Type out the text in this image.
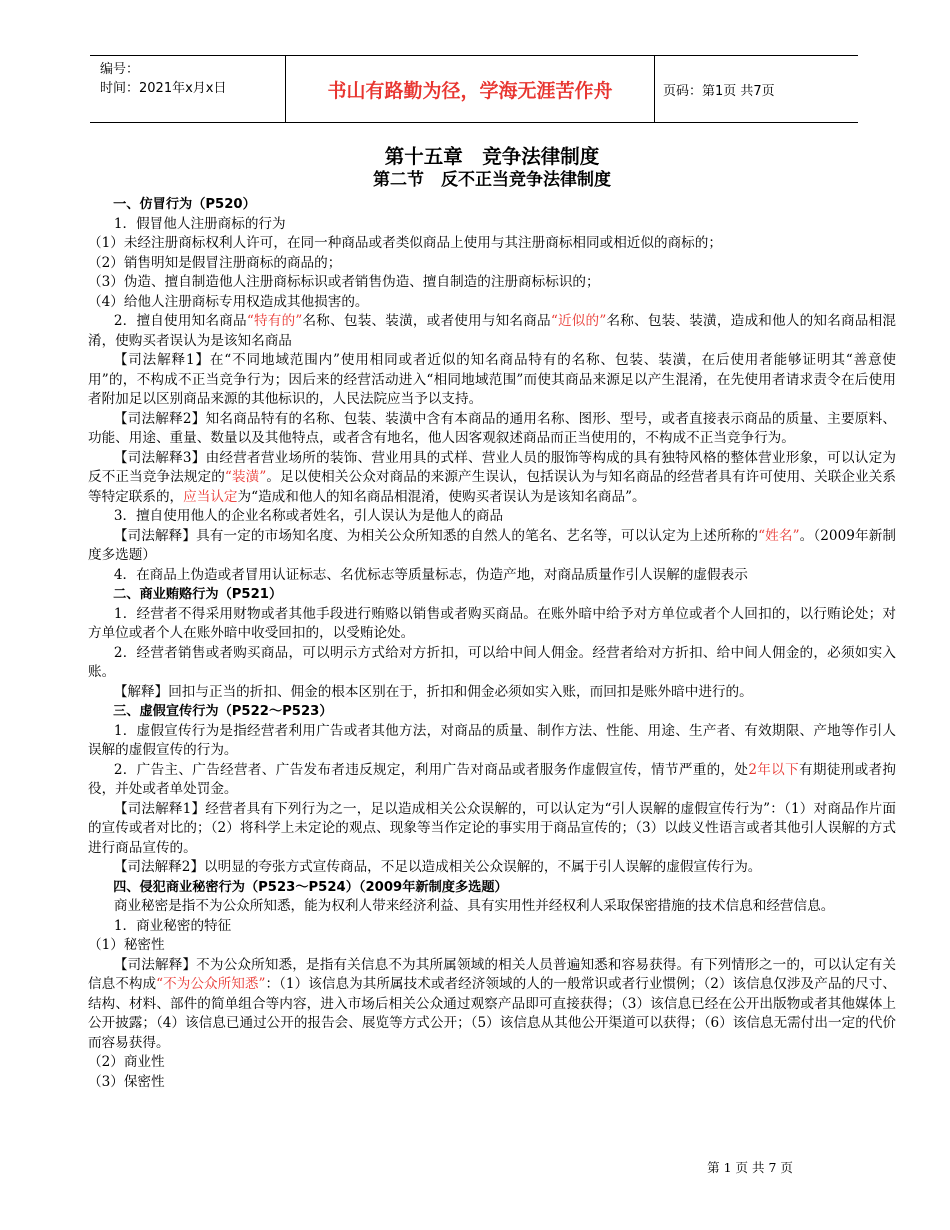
编号：
时间：2021年x月x日	书山有路勤为径，学海无涯苦作舟	页码：第1页 共7页
第十五章　竞争法律制度
第二节　反不正当竞争法律制度

一、仿冒行为（P520）

1．假冒他人注册商标的行为

（1）未经注册商标权利人许可，在同一种商品或者类似商品上使用与其注册商标相同或相近似的商标的；

（2）销售明知是假冒注册商标的商品的；

（3）伪造、擅自制造他人注册商标标识或者销售伪造、擅自制造的注册商标标识的；

（4）给他人注册商标专用权造成其他损害的。

2．擅自使用知名商品“特有的”名称、包装、装潢，或者使用与知名商品“近似的”名称、包装、装潢，造成和他人的知名商品相混淆，使购买者误认为是该知名商品

【司法解释1】在“不同地域范围内”使用相同或者近似的知名商品特有的名称、包装、装潢，在后使用者能够证明其“善意使用”的，不构成不正当竞争行为；因后来的经营活动进入“相同地域范围”而使其商品来源足以产生混淆，在先使用者请求责令在后使用者附加足以区别商品来源的其他标识的，人民法院应当予以支持。

【司法解释2】知名商品特有的名称、包装、装潢中含有本商品的通用名称、图形、型号，或者直接表示商品的质量、主要原料、功能、用途、重量、数量以及其他特点，或者含有地名，他人因客观叙述商品而正当使用的，不构成不正当竞争行为。

【司法解释3】由经营者营业场所的装饰、营业用具的式样、营业人员的服饰等构成的具有独特风格的整体营业形象，可以认定为反不正当竞争法规定的“装潢”。足以使相关公众对商品的来源产生误认，包括误认为与知名商品的经营者具有许可使用、关联企业关系等特定联系的，应当认定为“造成和他人的知名商品相混淆，使购买者误认为是该知名商品”。

3．擅自使用他人的企业名称或者姓名，引人误认为是他人的商品

【司法解释】具有一定的市场知名度、为相关公众所知悉的自然人的笔名、艺名等，可以认定为上述所称的“姓名”。（2009年新制度多选题）

4．在商品上伪造或者冒用认证标志、名优标志等质量标志，伪造产地，对商品质量作引人误解的虚假表示

二、商业贿赂行为（P521）

1．经营者不得采用财物或者其他手段进行贿赂以销售或者购买商品。在账外暗中给予对方单位或者个人回扣的，以行贿论处；对方单位或者个人在账外暗中收受回扣的，以受贿论处。

2．经营者销售或者购买商品，可以明示方式给对方折扣，可以给中间人佣金。经营者给对方折扣、给中间人佣金的，必须如实入账。

【解释】回扣与正当的折扣、佣金的根本区别在于，折扣和佣金必须如实入账，而回扣是账外暗中进行的。

三、虚假宣传行为（P522～P523）

1．虚假宣传行为是指经营者利用广告或者其他方法，对商品的质量、制作方法、性能、用途、生产者、有效期限、产地等作引人误解的虚假宣传的行为。

2．广告主、广告经营者、广告发布者违反规定，利用广告对商品或者服务作虚假宣传，情节严重的，处2年以下有期徒刑或者拘役，并处或者单处罚金。

【司法解释1】经营者具有下列行为之一，足以造成相关公众误解的，可以认定为“引人误解的虚假宣传行为”：（1）对商品作片面的宣传或者对比的；（2）将科学上未定论的观点、现象等当作定论的事实用于商品宣传的；（3）以歧义性语言或者其他引人误解的方式进行商品宣传的。

【司法解释2】以明显的夸张方式宣传商品，不足以造成相关公众误解的，不属于引人误解的虚假宣传行为。

四、侵犯商业秘密行为（P523～P524）（2009年新制度多选题）

商业秘密是指不为公众所知悉，能为权利人带来经济利益、具有实用性并经权利人采取保密措施的技术信息和经营信息。

1．商业秘密的特征

（1）秘密性

【司法解释】不为公众所知悉，是指有关信息不为其所属领域的相关人员普遍知悉和容易获得。有下列情形之一的，可以认定有关信息不构成“不为公众所知悉”：（1）该信息为其所属技术或者经济领域的人的一般常识或者行业惯例；（2）该信息仅涉及产品的尺寸、结构、材料、部件的简单组合等内容，进入市场后相关公众通过观察产品即可直接获得；（3）该信息已经在公开出版物或者其他媒体上公开披露；（4）该信息已通过公开的报告会、展览等方式公开；（5）该信息从其他公开渠道可以获得；（6）该信息无需付出一定的代价而容易获得。

（2）商业性

（3）保密性

第 1 页 共 7 页
